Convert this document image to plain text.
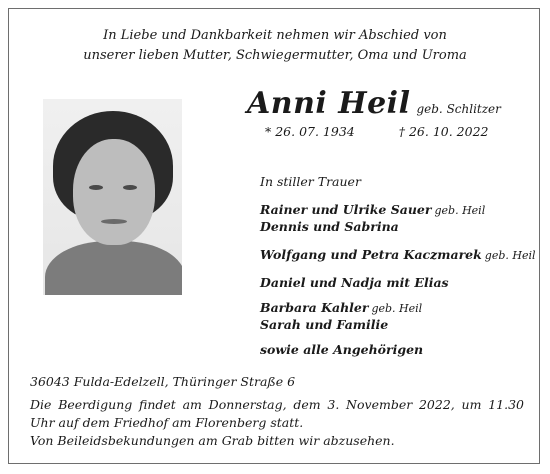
In Liebe und Dankbarkeit nehmen wir Abschied von
unserer lieben Mutter, Schwiegermutter, Oma und Uroma
Anni Heil geb. Schlitzer
* 26. 07. 1934	† 26. 10. 2022
In stiller Trauer
Rainer und Ulrike Sauer geb. Heil
Dennis und Sabrina
Wolfgang und Petra Kaczmarek geb. Heil
Daniel und Nadja mit Elias
Barbara Kahler geb. Heil
Sarah und Familie
sowie alle Angehörigen
36043 Fulda-Edelzell, Thüringer Straße 6

Die Beerdigung findet am Donnerstag, dem 3. November 2022, um 11.30 Uhr auf dem Friedhof am Florenberg statt.

Von Beileidsbekundungen am Grab bitten wir abzusehen.
